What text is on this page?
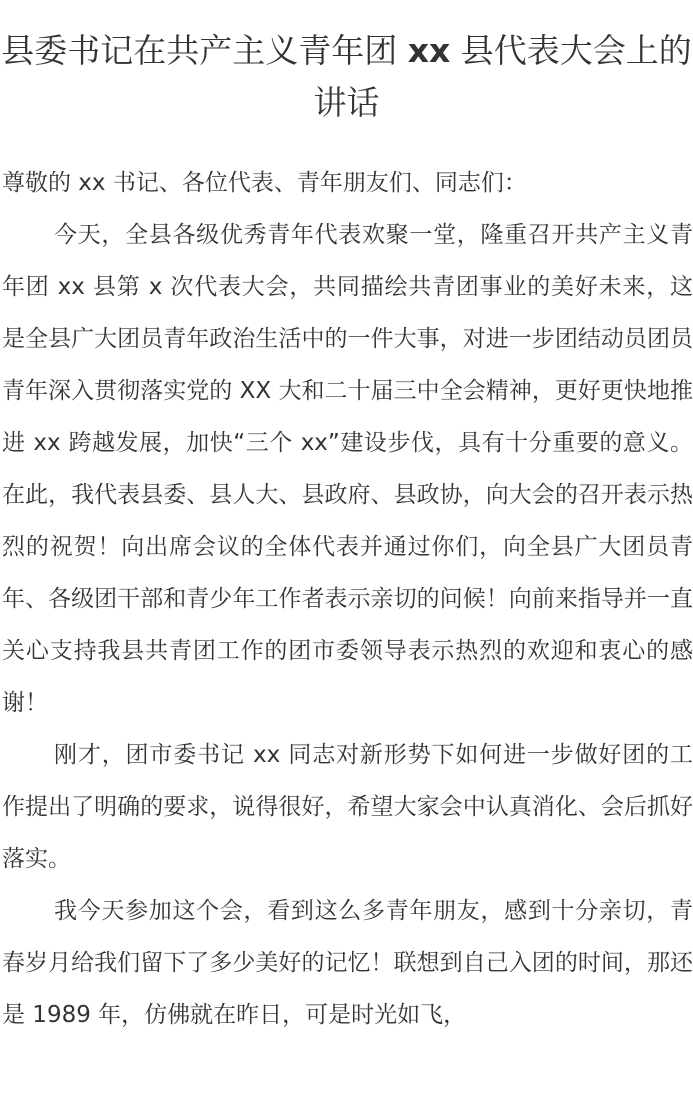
县委书记在共产主义青年团 xx 县代表大会上的讲话

尊敬的 xx 书记、各位代表、青年朋友们、同志们：

今天，全县各级优秀青年代表欢聚一堂，隆重召开共产主义青年团 xx 县第 x 次代表大会，共同描绘共青团事业的美好未来，这是全县广大团员青年政治生活中的一件大事，对进一步团结动员团员青年深入贯彻落实党的 XX 大和二十届三中全会精神，更好更快地推进 xx 跨越发展，加快“三个 xx”建设步伐，具有十分重要的意义。在此，我代表县委、县人大、县政府、县政协，向大会的召开表示热烈的祝贺！向出席会议的全体代表并通过你们，向全县广大团员青年、各级团干部和青少年工作者表示亲切的问候！向前来指导并一直关心支持我县共青团工作的团市委领导表示热烈的欢迎和衷心的感谢！

刚才，团市委书记 xx 同志对新形势下如何进一步做好团的工作提出了明确的要求，说得很好，希望大家会中认真消化、会后抓好落实。

我今天参加这个会，看到这么多青年朋友，感到十分亲切，青春岁月给我们留下了多少美好的记忆！联想到自己入团的时间，那还是 1989 年，仿佛就在昨日，可是时光如飞，
